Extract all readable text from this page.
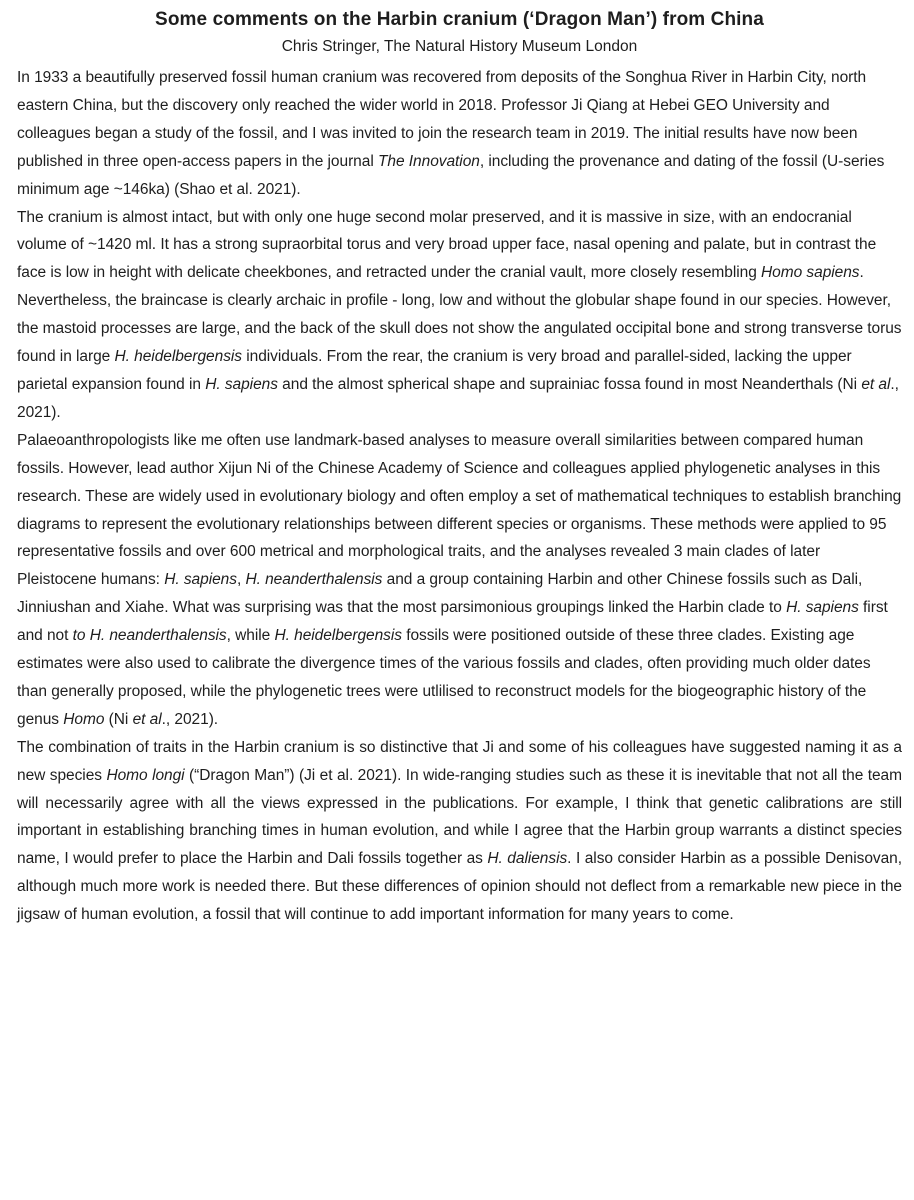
Some comments on the Harbin cranium (‘Dragon Man’) from China
Chris Stringer, The Natural History Museum London

In 1933 a beautifully preserved fossil human cranium was recovered from deposits of the Songhua River in Harbin City, north eastern China, but the discovery only reached the wider world in 2018. Professor Ji Qiang at Hebei GEO University and colleagues began a study of the fossil, and I was invited to join the research team in 2019. The initial results have now been published in three open-access papers in the journal The Innovation, including the provenance and dating of the fossil (U-series minimum age ~146ka) (Shao et al. 2021).

The cranium is almost intact, but with only one huge second molar preserved, and it is massive in size, with an endocranial volume of ~1420 ml. It has a strong supraorbital torus and very broad upper face, nasal opening and palate, but in contrast the face is low in height with delicate cheekbones, and retracted under the cranial vault, more closely resembling Homo sapiens. Nevertheless, the braincase is clearly archaic in profile - long, low and without the globular shape found in our species. However, the mastoid processes are large, and the back of the skull does not show the angulated occipital bone and strong transverse torus found in large H. heidelbergensis individuals. From the rear, the cranium is very broad and parallel-sided, lacking the upper parietal expansion found in H. sapiens and the almost spherical shape and suprainiac fossa found in most Neanderthals (Ni et al., 2021).

Palaeoanthropologists like me often use landmark-based analyses to measure overall similarities between compared human fossils. However, lead author Xijun Ni of the Chinese Academy of Science and colleagues applied phylogenetic analyses in this research. These are widely used in evolutionary biology and often employ a set of mathematical techniques to establish branching diagrams to represent the evolutionary relationships between different species or organisms. These methods were applied to 95 representative fossils and over 600 metrical and morphological traits, and the analyses revealed 3 main clades of later Pleistocene humans: H. sapiens, H. neanderthalensis and a group containing Harbin and other Chinese fossils such as Dali, Jinniushan and Xiahe. What was surprising was that the most parsimonious groupings linked the Harbin clade to H. sapiens first and not to H. neanderthalensis, while H. heidelbergensis fossils were positioned outside of these three clades. Existing age estimates were also used to calibrate the divergence times of the various fossils and clades, often providing much older dates than generally proposed, while the phylogenetic trees were utlilised to reconstruct models for the biogeographic history of the genus Homo (Ni et al., 2021).

The combination of traits in the Harbin cranium is so distinctive that Ji and some of his colleagues have suggested naming it as a new species Homo longi (“Dragon Man”) (Ji et al. 2021). In wide-ranging studies such as these it is inevitable that not all the team will necessarily agree with all the views expressed in the publications. For example, I think that genetic calibrations are still important in establishing branching times in human evolution, and while I agree that the Harbin group warrants a distinct species name, I would prefer to place the Harbin and Dali fossils together as H. daliensis. I also consider Harbin as a possible Denisovan, although much more work is needed there. But these differences of opinion should not deflect from a remarkable new piece in the jigsaw of human evolution, a fossil that will continue to add important information for many years to come.
